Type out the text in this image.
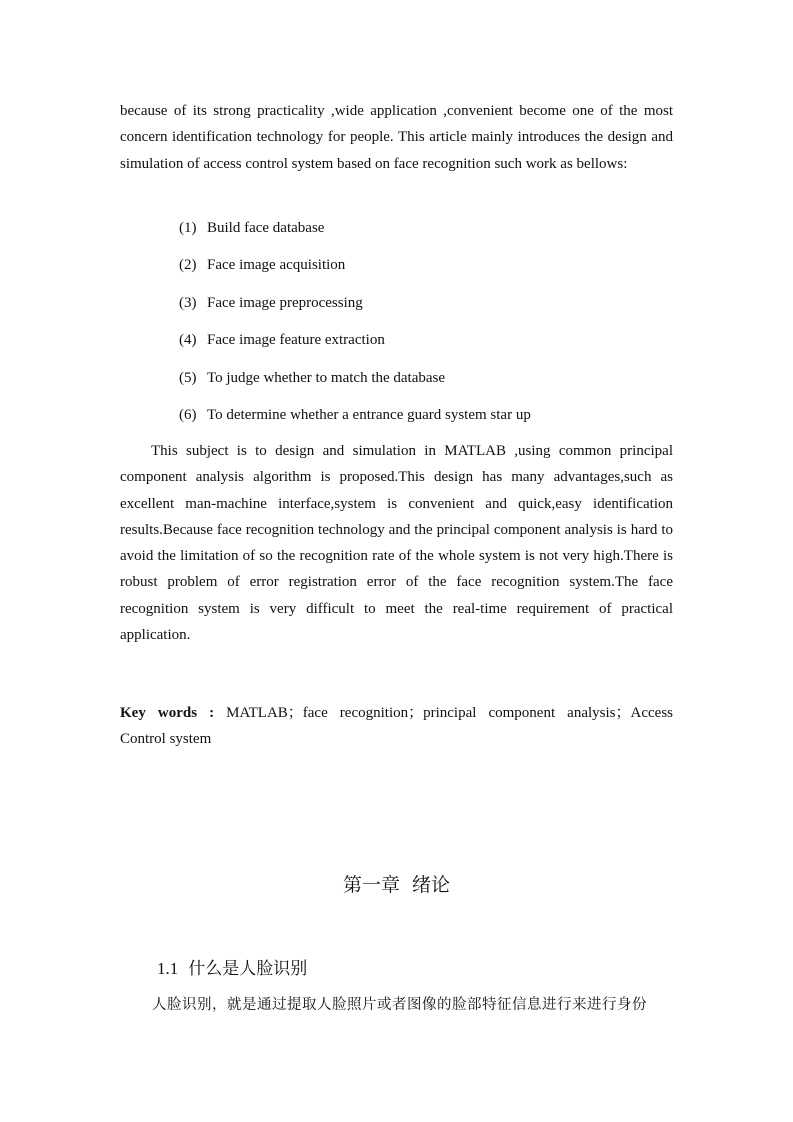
because of its strong practicality ,wide application ,convenient become one of the most concern identification technology for people. This article mainly introduces the design and simulation of access control system based on face recognition such work as bellows:

(1) Build face database
(2) Face image acquisition
(3) Face image preprocessing
(4) Face image feature extraction
(5) To judge whether to match the database
(6) To determine whether a entrance guard system star up

This subject is to design and simulation in MATLAB ,using common principal component analysis algorithm is proposed.This design has many advantages,such as excellent man-machine interface,system is convenient and quick,easy identification results.Because face recognition technology and the principal component analysis is hard to avoid the limitation of so the recognition rate of the whole system is not very high.There is robust problem of error registration error of the face recognition system.The face recognition system is very difficult to meet the real-time requirement of practical application.

Key words : MATLAB；face recognition；principal component analysis；Access Control system

第一章  绪论
1.1 什么是人脸识别
人脸识别，就是通过提取人脸照片或者图像的脸部特征信息进行来进行身份
